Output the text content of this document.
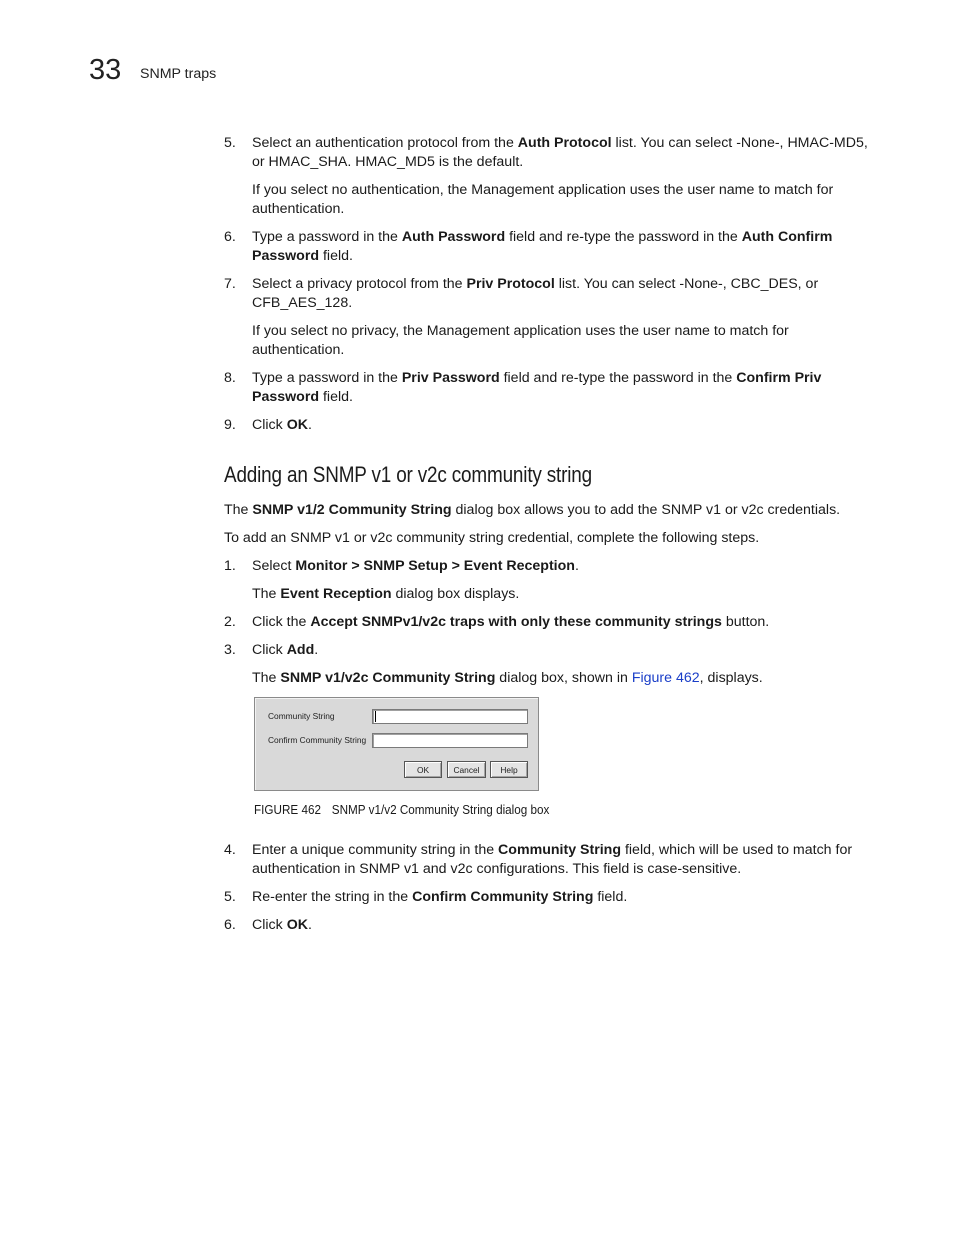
33 SNMP traps
5. Select an authentication protocol from the Auth Protocol list. You can select -None-, HMAC-MD5, or HMAC_SHA. HMAC_MD5 is the default.
If you select no authentication, the Management application uses the user name to match for authentication.
6. Type a password in the Auth Password field and re-type the password in the Auth Confirm Password field.
7. Select a privacy protocol from the Priv Protocol list. You can select -None-, CBC_DES, or CFB_AES_128.
If you select no privacy, the Management application uses the user name to match for authentication.
8. Type a password in the Priv Password field and re-type the password in the Confirm Priv Password field.
9. Click OK.
Adding an SNMP v1 or v2c community string
The SNMP v1/2 Community String dialog box allows you to add the SNMP v1 or v2c credentials.
To add an SNMP v1 or v2c community string credential, complete the following steps.
1. Select Monitor > SNMP Setup > Event Reception.
The Event Reception dialog box displays.
2. Click the Accept SNMPv1/v2c traps with only these community strings button.
3. Click Add.
The SNMP v1/v2c Community String dialog box, shown in Figure 462, displays.
Community String
Confirm Community String
OK	Cancel	Help
FIGURE 462 SNMP v1/v2 Community String dialog box
4. Enter a unique community string in the Community String field, which will be used to match for authentication in SNMP v1 and v2c configurations. This field is case-sensitive.
5. Re-enter the string in the Confirm Community String field.
6. Click OK.
